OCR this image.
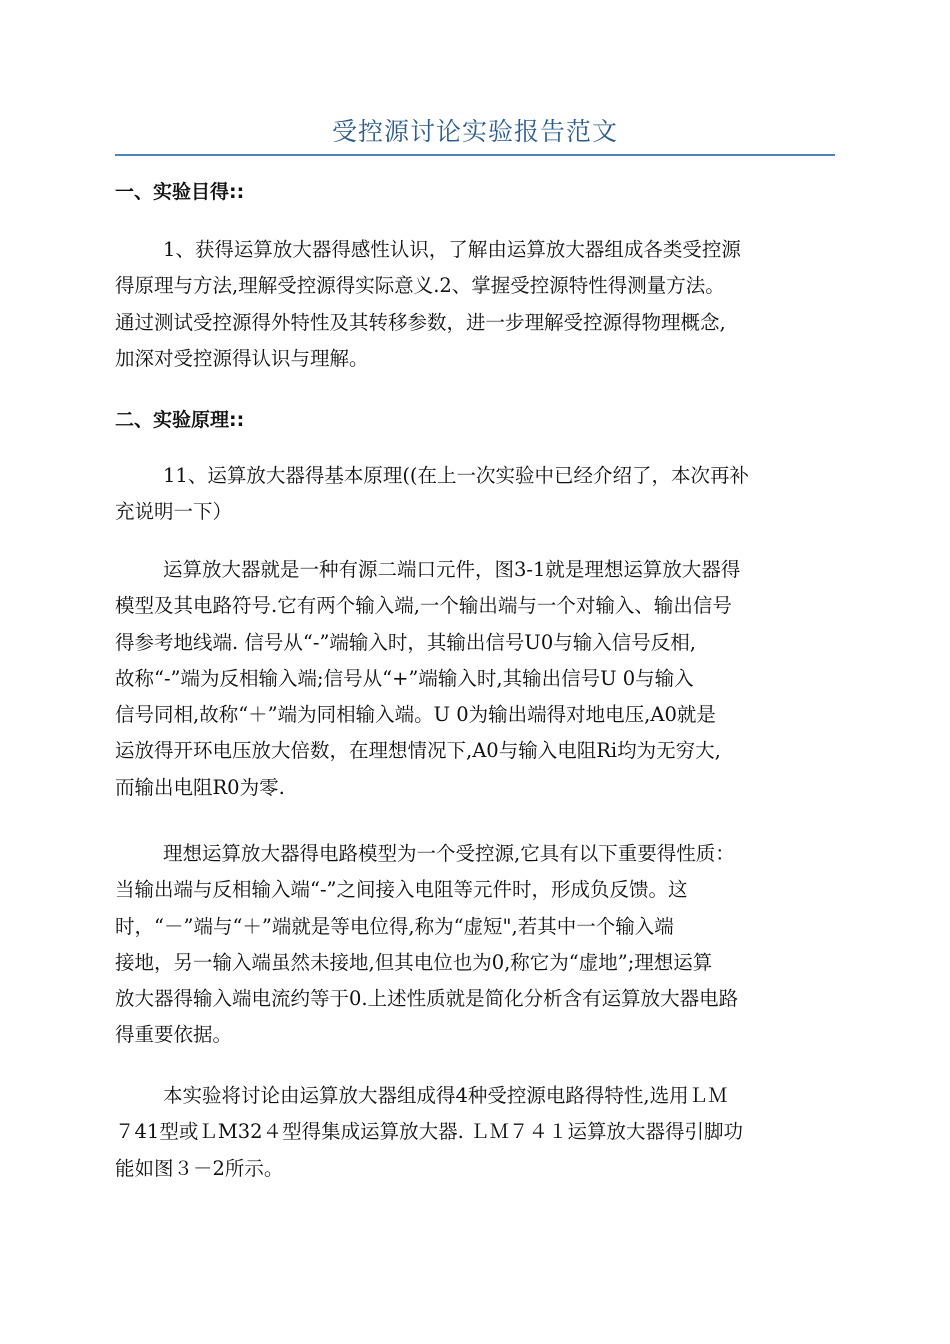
受控源讨论实验报告范文
一、实验目得::
1、获得运算放大器得感性认识，了解由运算放大器组成各类受控源
得原理与方法,理解受控源得实际意义.2、掌握受控源特性得测量方法。
通过测试受控源得外特性及其转移参数，进一步理解受控源得物理概念,
加深对受控源得认识与理解。
二、实验原理::
11、运算放大器得基本原理((在上一次实验中已经介绍了，本次再补
充说明一下）
运算放大器就是一种有源二端口元件，图3-1就是理想运算放大器得
模型及其电路符号.它有两个输入端,一个输出端与一个对输入、输出信号
得参考地线端. 信号从“-”端输入时，其输出信号U0与输入信号反相,
故称“-”端为反相输入端;信号从“+”端输入时,其输出信号U 0与输入
信号同相,故称“＋”端为同相输入端。U 0为输出端得对地电压,A0就是
运放得开环电压放大倍数，在理想情况下,A0与输入电阻Ri均为无穷大,
而输出电阻R0为零.
理想运算放大器得电路模型为一个受控源,它具有以下重要得性质：
当输出端与反相输入端“-”之间接入电阻等元件时，形成负反馈。这
时，“－”端与“＋”端就是等电位得,称为“虚短",若其中一个输入端
接地，另一输入端虽然未接地,但其电位也为0,称它为“虚地”;理想运算
放大器得输入端电流约等于0.上述性质就是简化分析含有运算放大器电路
得重要依据。
本实验将讨论由运算放大器组成得4种受控源电路得特性,选用ＬＭ
７41型或ＬM32４型得集成运算放大器. ＬＭ７４１运算放大器得引脚功
能如图３－2所示。
